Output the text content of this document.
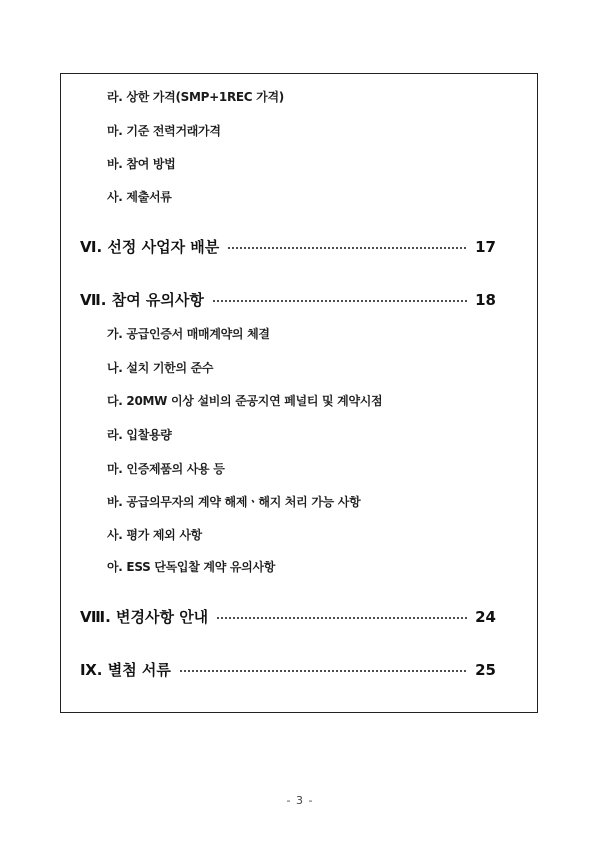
라. 상한 가격(SMP+1REC 가격)
마. 기준 전력거래가격
바. 참여 방법
사. 제출서류
Ⅵ. 선정 사업자 배분	17
Ⅶ. 참여 유의사항	18
가. 공급인증서 매매계약의 체결
나. 설치 기한의 준수
다. 20MW 이상 설비의 준공지연 페널티 및 계약시점
라. 입찰용량
마. 인증제품의 사용 등
바. 공급의무자의 계약 해제ㆍ해지 처리 가능 사항
사. 평가 제외 사항
아. ESS 단독입찰 계약 유의사항
Ⅷ. 변경사항 안내	24
Ⅸ. 별첨 서류	25
- 3 -
